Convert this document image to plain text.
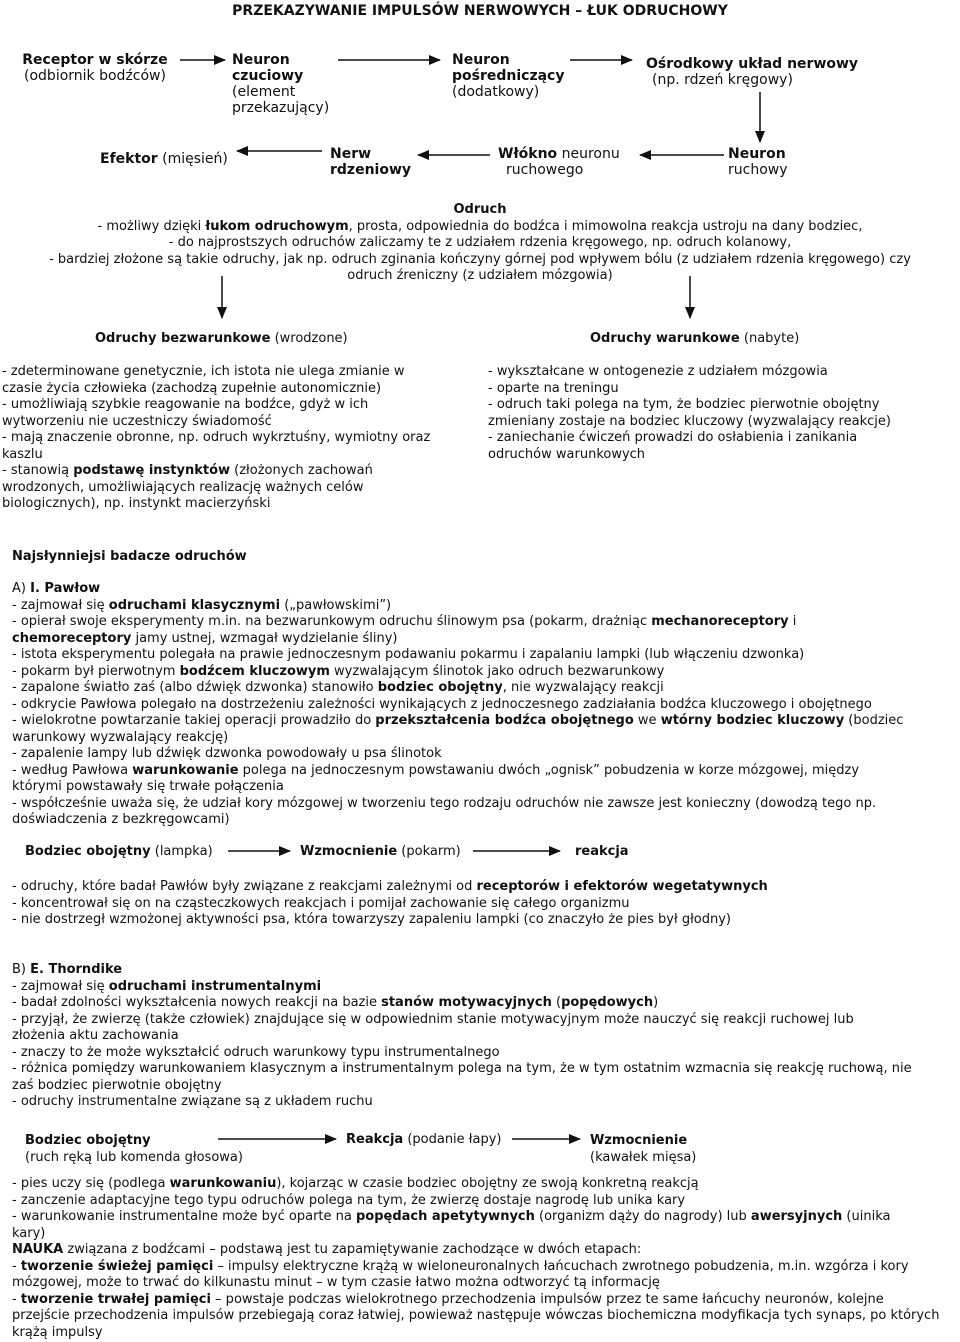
PRZEKAZYWANIE IMPULSÓW NERWOWYCH – ŁUK ODRUCHOWY
Receptor w skórze
(odbiornik bodźców)
Neuron
czuciowy
(element
przekazujący)
Neuron
pośredniczący
(dodatkowy)
Ośrodkowy układ nerwowy
(np. rdzeń kręgowy)
Efektor (mięsień)	Nerw
rdzeniowy
Włókno neuronu
ruchowego
Neuron
ruchowy
Odruch
- możliwy dzięki łukom odruchowym, prosta, odpowiednia do bodźca i mimowolna reakcja ustroju na dany bodziec,
- do najprostszych odruchów zaliczamy te z udziałem rdzenia kręgowego, np. odruch kolanowy,
- bardziej złożone są takie odruchy, jak np. odruch zginania kończyny górnej pod wpływem bólu (z udziałem rdzenia kręgowego) czy
odruch źreniczny (z udziałem mózgowia)
Odruchy bezwarunkowe (wrodzone)	Odruchy warunkowe (nabyte)
- zdeterminowane genetycznie, ich istota nie ulega zmianie w
czasie życia człowieka (zachodzą zupełnie autonomicznie)
- umożliwiają szybkie reagowanie na bodźce, gdyż w ich
wytworzeniu nie uczestniczy świadomość
- mają znaczenie obronne, np. odruch wykrztuśny, wymiotny oraz
kaszlu
- stanowią podstawę instynktów (złożonych zachowań
wrodzonych, umożliwiających realizację ważnych celów
biologicznych), np. instynkt macierzyński
- wykształcane w ontogenezie z udziałem mózgowia
- oparte na treningu
- odruch taki polega na tym, że bodziec pierwotnie obojętny
zmieniany zostaje na bodziec kluczowy (wyzwalający reakcje)
- zaniechanie ćwiczeń prowadzi do osłabienia i zanikania
odruchów warunkowych
Najsłynniejsi badacze odruchów
A) I. Pawłow
- zajmował się odruchami klasycznymi („pawłowskimi”)
- opierał swoje eksperymenty m.in. na bezwarunkowym odruchu ślinowym psa (pokarm, drażniąc mechanoreceptory i
chemoreceptory jamy ustnej, wzmagał wydzielanie śliny)
- istota eksperymentu polegała na prawie jednoczesnym podawaniu pokarmu i zapalaniu lampki (lub włączeniu dzwonka)
- pokarm był pierwotnym bodźcem kluczowym wyzwalającym ślinotok jako odruch bezwarunkowy
- zapalone światło zaś (albo dźwięk dzwonka) stanowiło bodziec obojętny, nie wyzwalający reakcji
- odkrycie Pawłowa polegało na dostrzeżeniu zależności wynikających z jednoczesnego zadziałania bodźca kluczowego i obojętnego
- wielokrotne powtarzanie takiej operacji prowadziło do przekształcenia bodźca obojętnego we wtórny bodziec kluczowy (bodziec
warunkowy wyzwalający reakcję)
- zapalenie lampy lub dźwięk dzwonka powodowały u psa ślinotok
- według Pawłowa warunkowanie polega na jednoczesnym powstawaniu dwóch „ognisk” pobudzenia w korze mózgowej, między
którymi powstawały się trwałe połączenia
- współcześnie uważa się, że udział kory mózgowej w tworzeniu tego rodzaju odruchów nie zawsze jest konieczny (dowodzą tego np.
doświadczenia z bezkręgowcami)
Bodziec obojętny (lampka)	Wzmocnienie (pokarm)	reakcja
- odruchy, które badał Pawłów były związane z reakcjami zależnymi od receptorów i efektorów wegetatywnych
- koncentrował się on na cząsteczkowych reakcjach i pomijał zachowanie się całego organizmu
- nie dostrzegł wzmożonej aktywności psa, która towarzyszy zapaleniu lampki (co znaczyło że pies był głodny)
B) E. Thorndike
- zajmował się odruchami instrumentalnymi
- badał zdolności wykształcenia nowych reakcji na bazie stanów motywacyjnych (popędowych)
- przyjął, że zwierzę (także człowiek) znajdujące się w odpowiednim stanie motywacyjnym może nauczyć się reakcji ruchowej lub
złożenia aktu zachowania
- znaczy to że może wykształcić odruch warunkowy typu instrumentalnego
- różnica pomiędzy warunkowaniem klasycznym a instrumentalnym polega na tym, że w tym ostatnim wzmacnia się reakcję ruchową, nie
zaś bodziec pierwotnie obojętny
- odruchy instrumentalne związane są z układem ruchu
Bodziec obojętny
(ruch ręką lub komenda głosowa)
Reakcja (podanie łapy)	Wzmocnienie
(kawałek mięsa)
- pies uczy się (podlega warunkowaniu), kojarząc w czasie bodziec obojętny ze swoją konkretną reakcją
- zanczenie adaptacyjne tego typu odruchów polega na tym, że zwierzę dostaje nagrodę lub unika kary
- warunkowanie instrumentalne może być oparte na popędach apetytywnych (organizm dąży do nagrody) lub awersyjnych (uinika
kary)
NAUKA związana z bodźcami – podstawą jest tu zapamiętywanie zachodzące w dwóch etapach:
- tworzenie świeżej pamięci – impulsy elektryczne krążą w wieloneuronalnych łańcuchach zwrotnego pobudzenia, m.in. wzgórza i kory
mózgowej, może to trwać do kilkunastu minut – w tym czasie łatwo można odtworzyć tą informację
- tworzenie trwałej pamięci – powstaje podczas wielokrotnego przechodzenia impulsów przez te same łańcuchy neuronów, kolejne
przejście przechodzenia impulsów przebiegają coraz łatwiej, powieważ następuje wówczas biochemiczna modyfikacja tych synaps, po których
krążą impulsy
